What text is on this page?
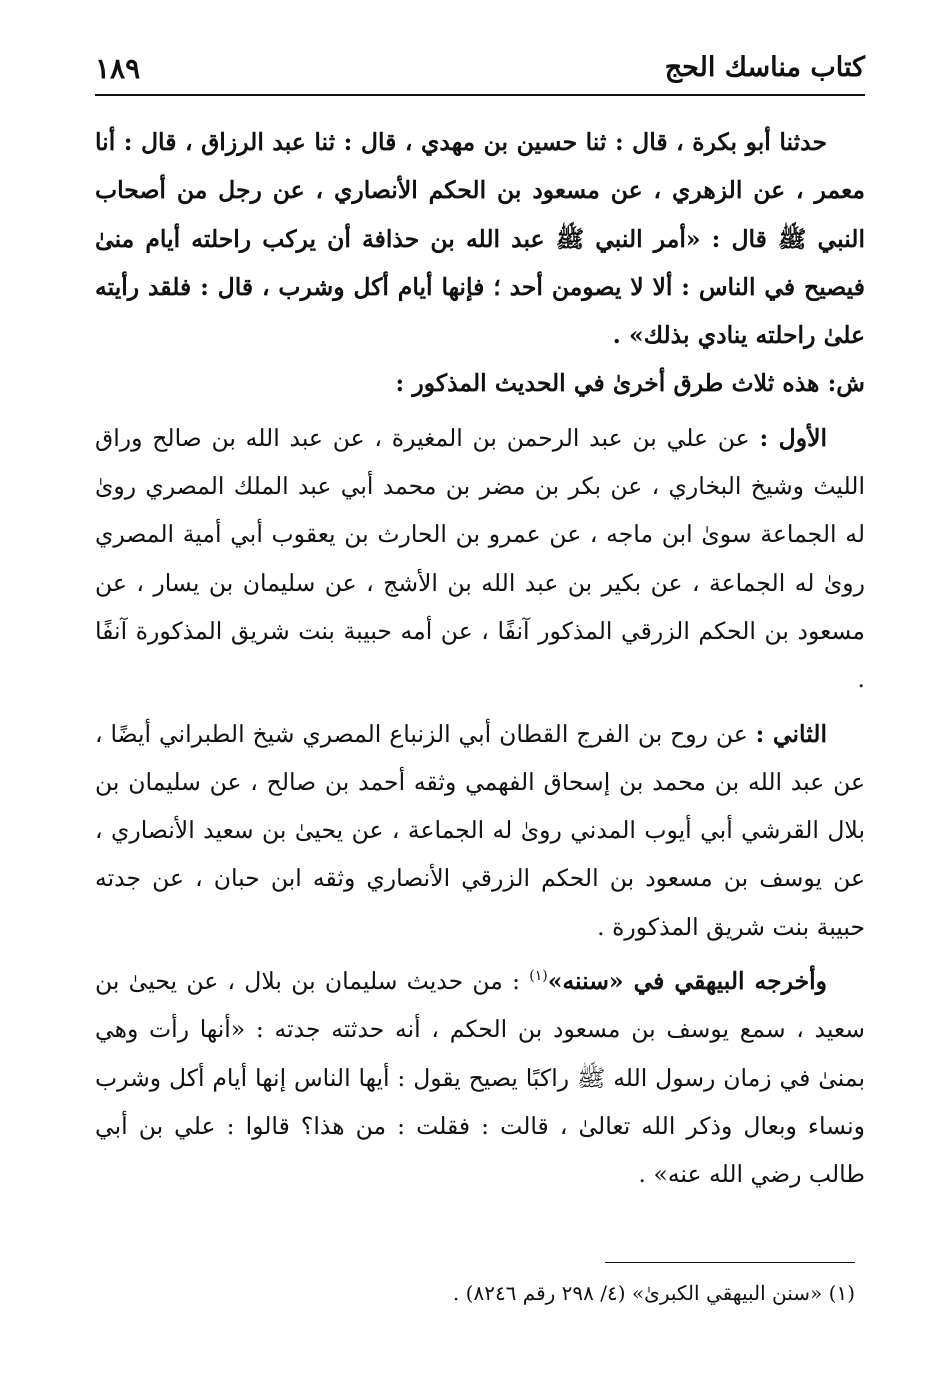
كتاب مناسك الحج
١٨٩

حدثنا أبو بكرة ، قال : ثنا حسين بن مهدي ، قال : ثنا عبد الرزاق ، قال : أنا معمر ، عن الزهري ، عن مسعود بن الحكم الأنصاري ، عن رجل من أصحاب النبي ﷺ قال : «أمر النبي ﷺ عبد الله بن حذافة أن يركب راحلته أيام منىٰ فيصيح في الناس : ألا لا يصومن أحد ؛ فإنها أيام أكل وشرب ، قال : فلقد رأيته علىٰ راحلته ينادي بذلك» .

ش: هذه ثلاث طرق أخرىٰ في الحديث المذكور :

الأول : عن علي بن عبد الرحمن بن المغيرة ، عن عبد الله بن صالح وراق الليث وشيخ البخاري ، عن بكر بن مضر بن محمد أبي عبد الملك المصري روىٰ له الجماعة سوىٰ ابن ماجه ، عن عمرو بن الحارث بن يعقوب أبي أمية المصري روىٰ له الجماعة ، عن بكير بن عبد الله بن الأشج ، عن سليمان بن يسار ، عن مسعود بن الحكم الزرقي المذكور آنفًا ، عن أمه حبيبة بنت شريق المذكورة آنفًا .

الثاني : عن روح بن الفرج القطان أبي الزنباع المصري شيخ الطبراني أيضًا ، عن عبد الله بن محمد بن إسحاق الفهمي وثقه أحمد بن صالح ، عن سليمان بن بلال القرشي أبي أيوب المدني روىٰ له الجماعة ، عن يحيىٰ بن سعيد الأنصاري ، عن يوسف بن مسعود بن الحكم الزرقي الأنصاري وثقه ابن حبان ، عن جدته حبيبة بنت شريق المذكورة .

وأخرجه البيهقي في «سننه»$^{(١)}$ : من حديث سليمان بن بلال ، عن يحيىٰ بن سعيد ، سمع يوسف بن مسعود بن الحكم ، أنه حدثته جدته : «أنها رأت وهي بمنىٰ في زمان رسول الله ﷺ راكبًا يصيح يقول : أيها الناس إنها أيام أكل وشرب ونساء وبعال وذكر الله تعالىٰ ، قالت : فقلت : من هذا؟ قالوا : علي بن أبي طالب رضي الله عنه» .

(١) «سنن البيهقي الكبرىٰ» (٤/ ٢٩٨ رقم ٨٢٤٦) .
